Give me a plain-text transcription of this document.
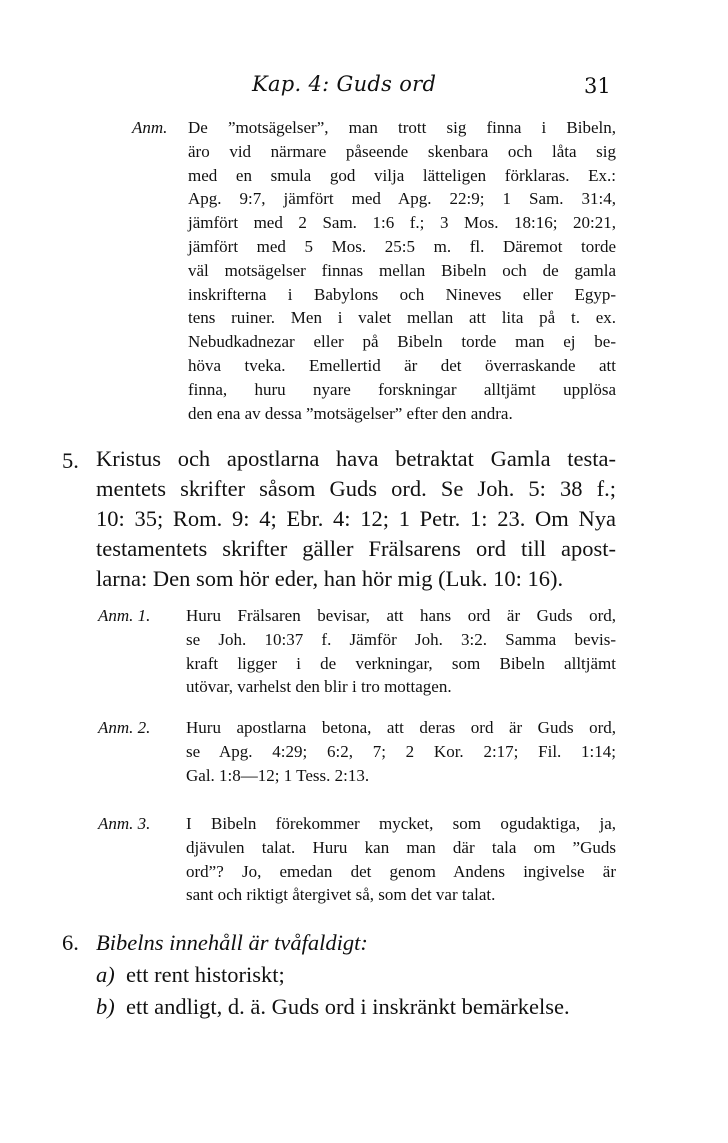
Kap. 4: Guds ord	31
Anm. De ”motsägelser”, man trott sig finna i Bibeln,
äro vid närmare påseende skenbara och låta sig
med en smula god vilja lätteligen förklaras. Ex.:
Apg. 9:7, jämfört med Apg. 22:9; 1 Sam. 31:4,
jämfört med 2 Sam. 1:6 f.; 3 Mos. 18:16; 20:21,
jämfört med 5 Mos. 25:5 m. fl. Däremot torde
väl motsägelser finnas mellan Bibeln och de gamla
inskrifterna i Babylons och Nineves eller Egyp-
tens ruiner. Men i valet mellan att lita på t. ex.
Nebudkadnezar eller på Bibeln torde man ej be-
höva tveka. Emellertid är det överraskande att
finna, huru nyare forskningar alltjämt upplösa
den ena av dessa ”motsägelser” efter den andra.
5. Kristus och apostlarna hava betraktat Gamla testa-
mentets skrifter såsom Guds ord. Se Joh. 5: 38 f.;
10: 35; Rom. 9: 4; Ebr. 4: 12; 1 Petr. 1: 23. Om Nya
testamentets skrifter gäller Frälsarens ord till apost-
larna: Den som hör eder, han hör mig (Luk. 10: 16).
Anm. 1. Huru Frälsaren bevisar, att hans ord är Guds ord,
se Joh. 10:37 f. Jämför Joh. 3:2. Samma bevis-
kraft ligger i de verkningar, som Bibeln alltjämt
utövar, varhelst den blir i tro mottagen.
Anm. 2. Huru apostlarna betona, att deras ord är Guds ord,
se Apg. 4:29; 6:2, 7; 2 Kor. 2:17; Fil. 1:14;
Gal. 1:8—12; 1 Tess. 2:13.
Anm. 3. I Bibeln förekommer mycket, som ogudaktiga, ja,
djävulen talat. Huru kan man där tala om ”Guds
ord”? Jo, emedan det genom Andens ingivelse är
sant och riktigt återgivet så, som det var talat.
6. Bibelns innehåll är tvåfaldigt:
a) ett rent historiskt;
b) ett andligt, d. ä. Guds ord i inskränkt bemärkelse.
